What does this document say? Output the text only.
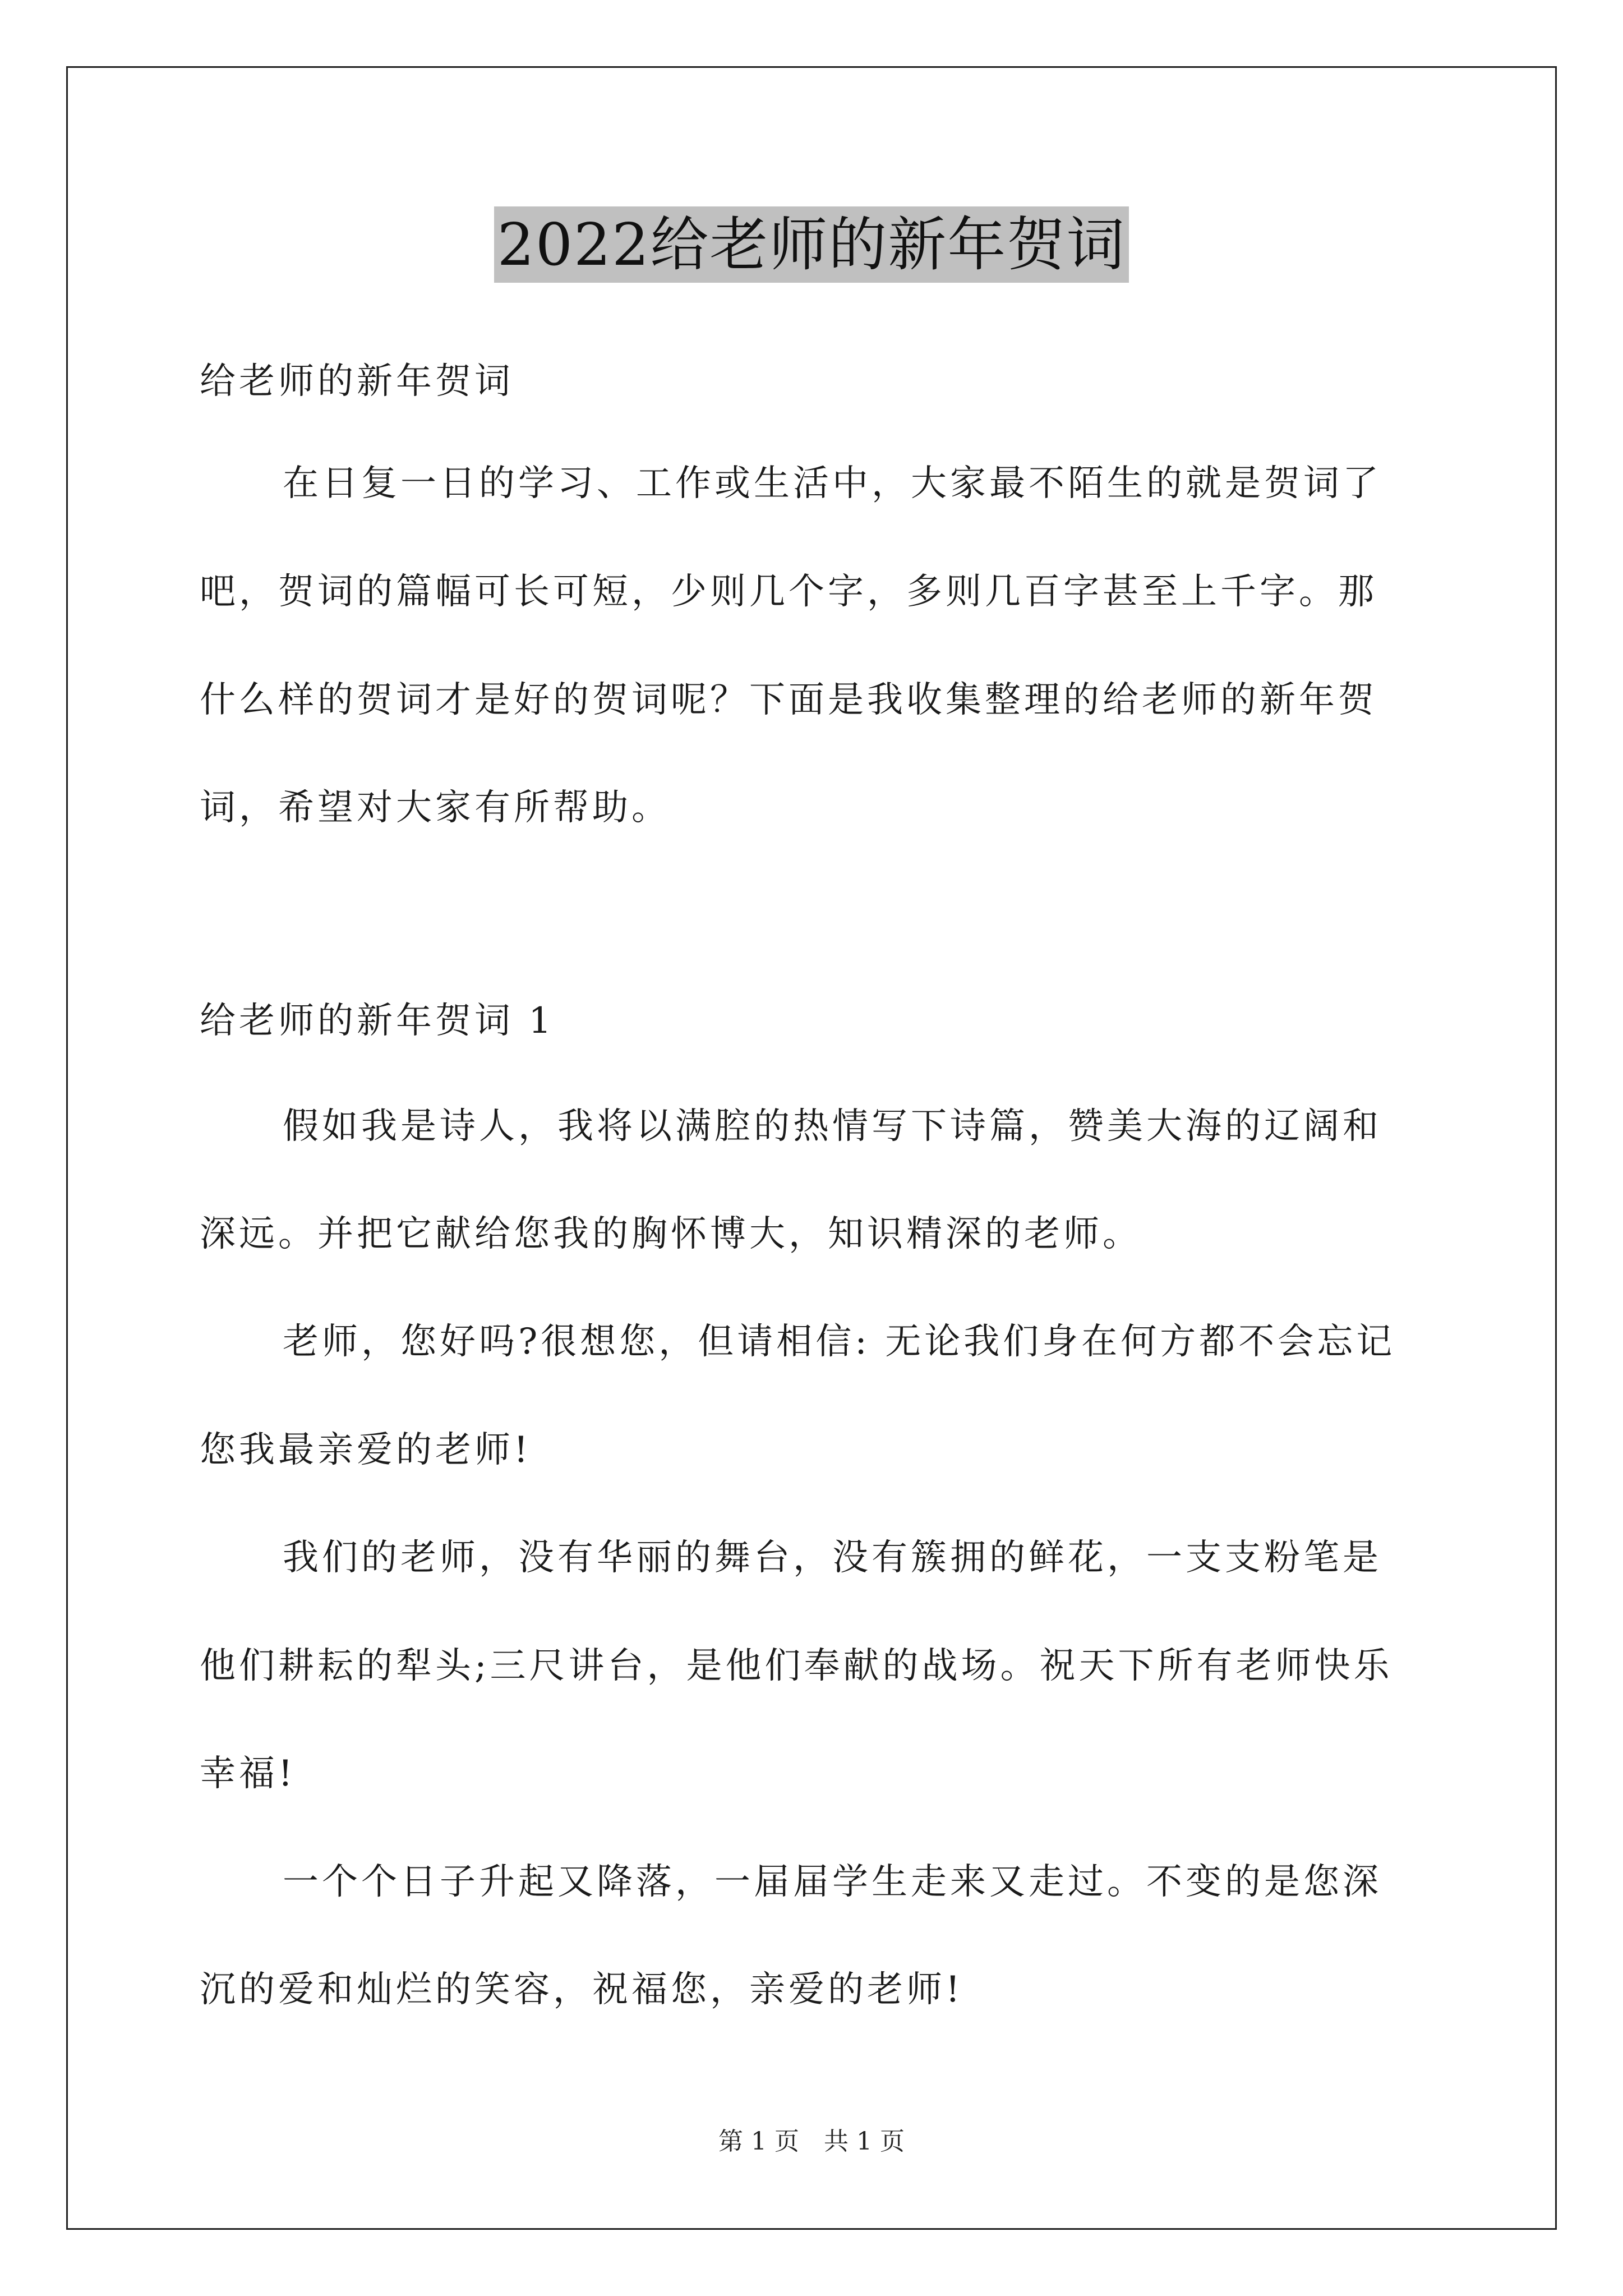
2022给老师的新年贺词
给老师的新年贺词
在日复一日的学习、工作或生活中，大家最不陌生的就是贺词了
吧，贺词的篇幅可长可短，少则几个字，多则几百字甚至上千字。那
什么样的贺词才是好的贺词呢？下面是我收集整理的给老师的新年贺
词，希望对大家有所帮助。
给老师的新年贺词 1
假如我是诗人，我将以满腔的热情写下诗篇，赞美大海的辽阔和
深远。并把它献给您我的胸怀博大，知识精深的老师。
老师，您好吗?很想您，但请相信: 无论我们身在何方都不会忘记
您我最亲爱的老师!
我们的老师，没有华丽的舞台，没有簇拥的鲜花，一支支粉笔是
他们耕耘的犁头;三尺讲台，是他们奉献的战场。祝天下所有老师快乐
幸福!
一个个日子升起又降落，一届届学生走来又走过。不变的是您深
沉的爱和灿烂的笑容，祝福您，亲爱的老师!
第 1 页　共 1 页
